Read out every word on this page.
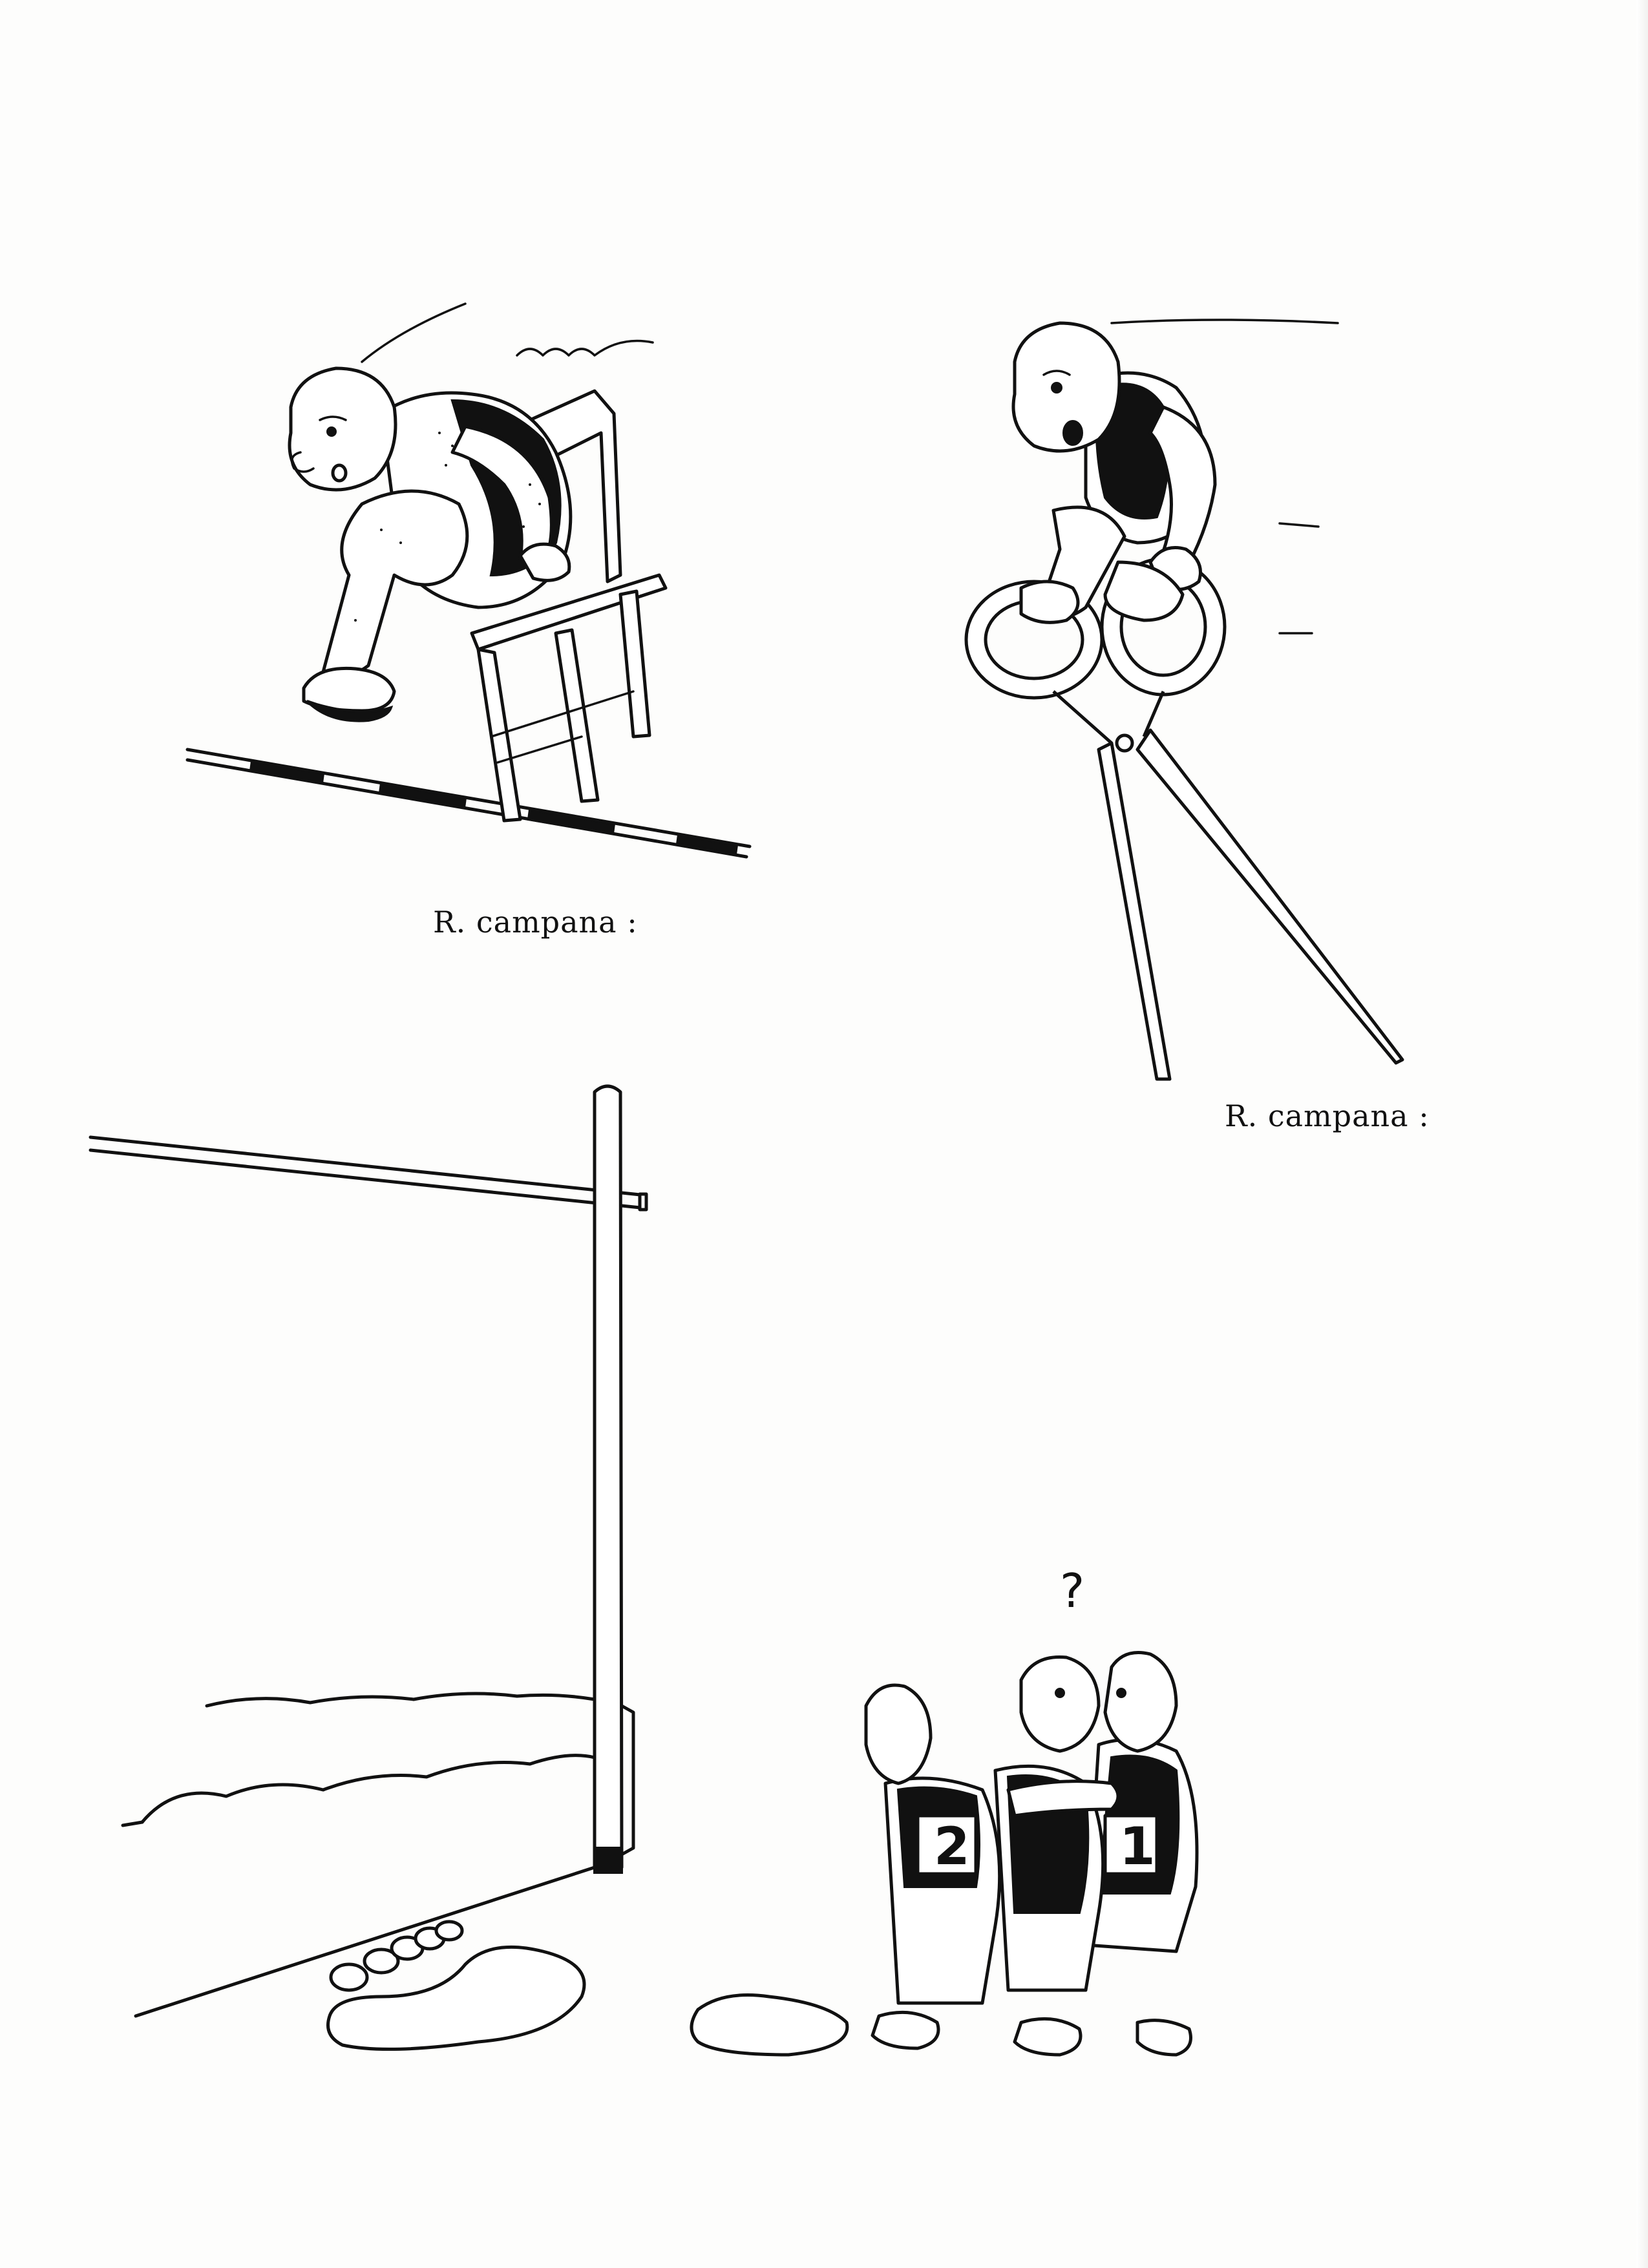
R. campana :
R. campana :
2	1
?
